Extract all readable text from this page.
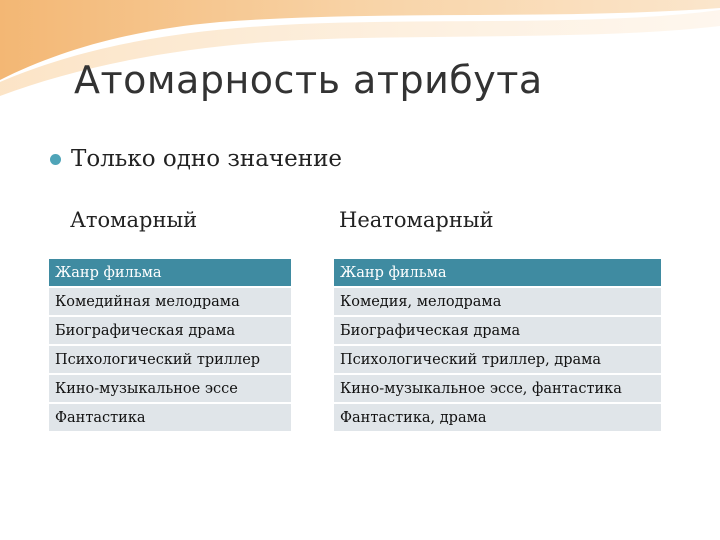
Атомарность атрибута
Только одно значение
Атомарный	Неатомарный
Жанр фильма
Комедийная мелодрама
Биографическая драма
Психологический триллер
Кино-музыкальное эссе
Фантастика
Жанр фильма
Комедия, мелодрама
Биографическая драма
Психологический триллер, драма
Кино-музыкальное эссе, фантастика
Фантастика, драма
